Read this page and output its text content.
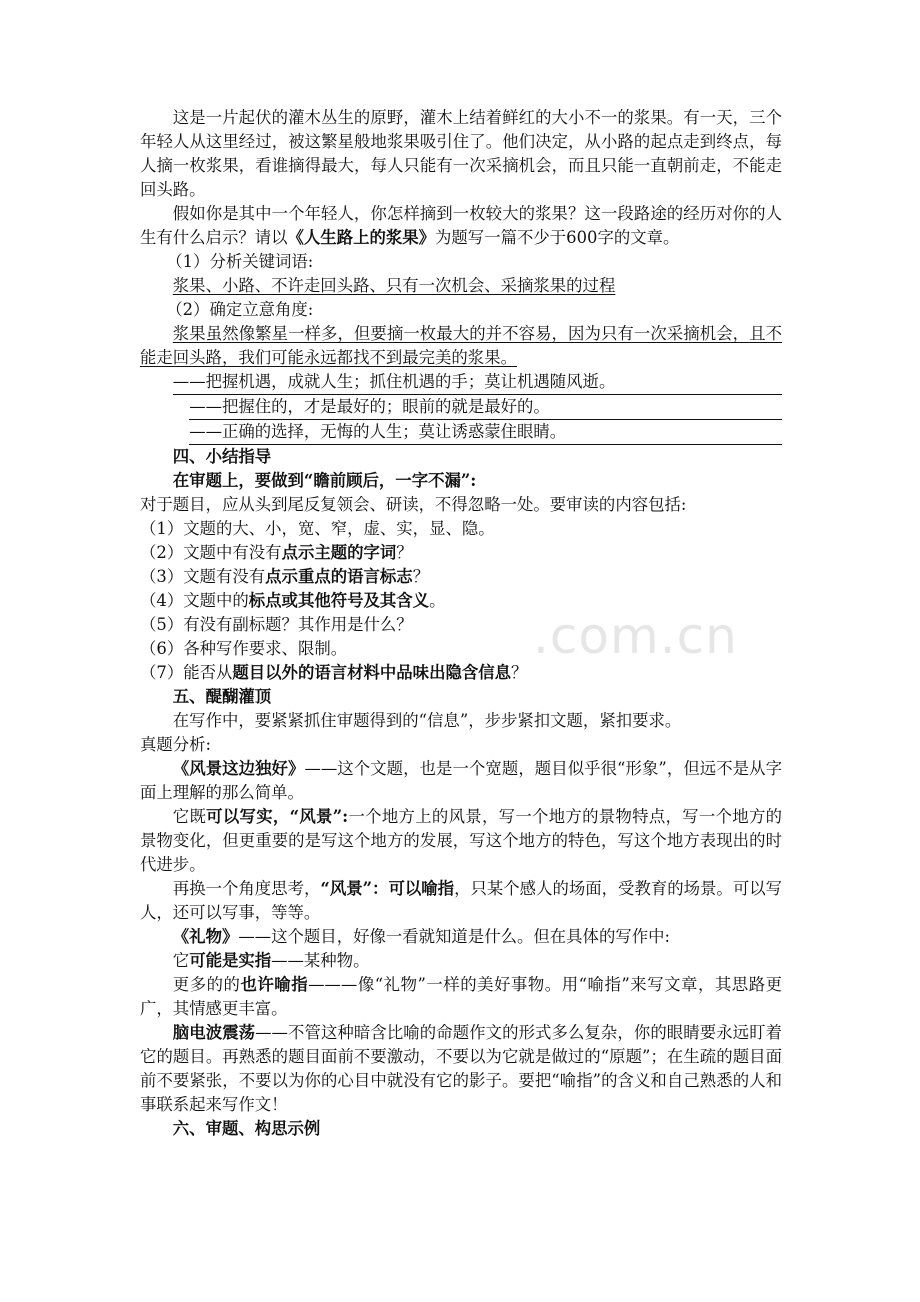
.com.cn

这是一片起伏的灌木丛生的原野，灌木上结着鲜红的大小不一的浆果。有一天，三个年轻人从这里经过，被这繁星般地浆果吸引住了。他们决定，从小路的起点走到终点，每人摘一枚浆果，看谁摘得最大，每人只能有一次采摘机会，而且只能一直朝前走，不能走回头路。

假如你是其中一个年轻人，你怎样摘到一枚较大的浆果？这一段路途的经历对你的人生有什么启示？请以《人生路上的浆果》为题写一篇不少于600字的文章。

（1）分析关键词语:

浆果、小路、不许走回头路、只有一次机会、采摘浆果的过程

（2）确定立意角度:

浆果虽然像繁星一样多，但要摘一枚最大的并不容易，因为只有一次采摘机会，且不能走回头路，我们可能永远都找不到最完美的浆果。

——把握机遇，成就人生；抓住机遇的手；莫让机遇随风逝。

——把握住的，才是最好的；眼前的就是最好的。

——正确的选择，无悔的人生；莫让诱惑蒙住眼睛。

四、小结指导

在审题上，要做到“瞻前顾后，一字不漏”:

对于题目，应从头到尾反复领会、研读，不得忽略一处。要审读的内容包括:

（1）文题的大、小，宽、窄，虚、实，显、隐。

（2）文题中有没有点示主题的字词？

（3）文题有没有点示重点的语言标志？

（4）文题中的标点或其他符号及其含义。

（5）有没有副标题？其作用是什么？

（6）各种写作要求、限制。

（7）能否从题目以外的语言材料中品味出隐含信息？

五、醍醐灌顶

在写作中，要紧紧抓住审题得到的“信息”，步步紧扣文题，紧扣要求。

真题分析:

《风景这边独好》——这个文题，也是一个宽题，题目似乎很“形象”，但远不是从字面上理解的那么简单。

它既可以写实，“风景”:一个地方上的风景，写一个地方的景物特点，写一个地方的景物变化，但更重要的是写这个地方的发展，写这个地方的特色，写这个地方表现出的时代进步。

再换一个角度思考，“风景”：可以喻指，只某个感人的场面，受教育的场景。可以写人，还可以写事，等等。

《礼物》——这个题目，好像一看就知道是什么。但在具体的写作中:

它可能是实指——某种物。

更多的的也许喻指———像“礼物”一样的美好事物。用“喻指”来写文章，其思路更广，其情感更丰富。

脑电波震荡——不管这种暗含比喻的命题作文的形式多么复杂，你的眼睛要永远盯着它的题目。再熟悉的题目面前不要激动，不要以为它就是做过的“原题”；在生疏的题目面前不要紧张，不要以为你的心目中就没有它的影子。要把“喻指”的含义和自己熟悉的人和事联系起来写作文！

六、审题、构思示例
